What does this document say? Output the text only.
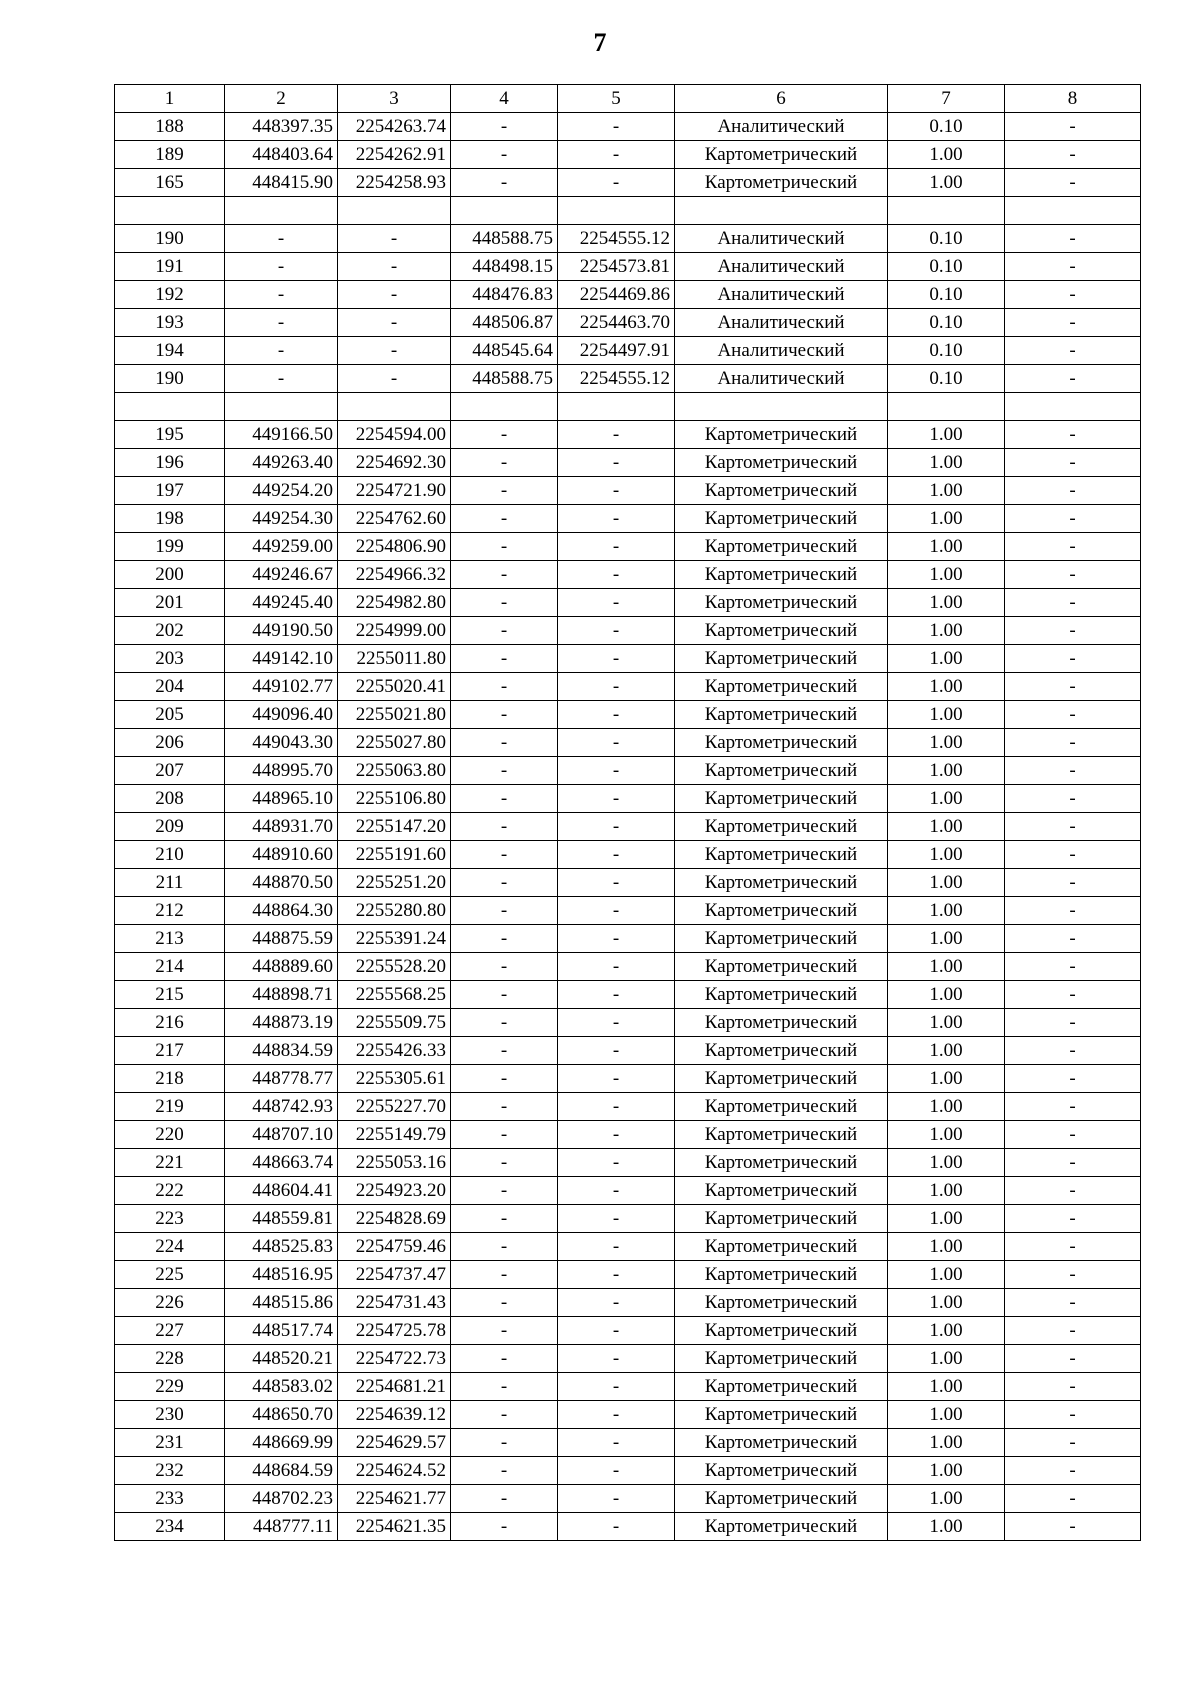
7
1	2	3	4	5	6	7	8
188	448397.35	2254263.74	-	-	Аналитический	0.10	-
189	448403.64	2254262.91	-	-	Картометрический	1.00	-
165	448415.90	2254258.93	-	-	Картометрический	1.00	-

190	-	-	448588.75	2254555.12	Аналитический	0.10	-
191	-	-	448498.15	2254573.81	Аналитический	0.10	-
192	-	-	448476.83	2254469.86	Аналитический	0.10	-
193	-	-	448506.87	2254463.70	Аналитический	0.10	-
194	-	-	448545.64	2254497.91	Аналитический	0.10	-
190	-	-	448588.75	2254555.12	Аналитический	0.10	-

195	449166.50	2254594.00	-	-	Картометрический	1.00	-
196	449263.40	2254692.30	-	-	Картометрический	1.00	-
197	449254.20	2254721.90	-	-	Картометрический	1.00	-
198	449254.30	2254762.60	-	-	Картометрический	1.00	-
199	449259.00	2254806.90	-	-	Картометрический	1.00	-
200	449246.67	2254966.32	-	-	Картометрический	1.00	-
201	449245.40	2254982.80	-	-	Картометрический	1.00	-
202	449190.50	2254999.00	-	-	Картометрический	1.00	-
203	449142.10	2255011.80	-	-	Картометрический	1.00	-
204	449102.77	2255020.41	-	-	Картометрический	1.00	-
205	449096.40	2255021.80	-	-	Картометрический	1.00	-
206	449043.30	2255027.80	-	-	Картометрический	1.00	-
207	448995.70	2255063.80	-	-	Картометрический	1.00	-
208	448965.10	2255106.80	-	-	Картометрический	1.00	-
209	448931.70	2255147.20	-	-	Картометрический	1.00	-
210	448910.60	2255191.60	-	-	Картометрический	1.00	-
211	448870.50	2255251.20	-	-	Картометрический	1.00	-
212	448864.30	2255280.80	-	-	Картометрический	1.00	-
213	448875.59	2255391.24	-	-	Картометрический	1.00	-
214	448889.60	2255528.20	-	-	Картометрический	1.00	-
215	448898.71	2255568.25	-	-	Картометрический	1.00	-
216	448873.19	2255509.75	-	-	Картометрический	1.00	-
217	448834.59	2255426.33	-	-	Картометрический	1.00	-
218	448778.77	2255305.61	-	-	Картометрический	1.00	-
219	448742.93	2255227.70	-	-	Картометрический	1.00	-
220	448707.10	2255149.79	-	-	Картометрический	1.00	-
221	448663.74	2255053.16	-	-	Картометрический	1.00	-
222	448604.41	2254923.20	-	-	Картометрический	1.00	-
223	448559.81	2254828.69	-	-	Картометрический	1.00	-
224	448525.83	2254759.46	-	-	Картометрический	1.00	-
225	448516.95	2254737.47	-	-	Картометрический	1.00	-
226	448515.86	2254731.43	-	-	Картометрический	1.00	-
227	448517.74	2254725.78	-	-	Картометрический	1.00	-
228	448520.21	2254722.73	-	-	Картометрический	1.00	-
229	448583.02	2254681.21	-	-	Картометрический	1.00	-
230	448650.70	2254639.12	-	-	Картометрический	1.00	-
231	448669.99	2254629.57	-	-	Картометрический	1.00	-
232	448684.59	2254624.52	-	-	Картометрический	1.00	-
233	448702.23	2254621.77	-	-	Картометрический	1.00	-
234	448777.11	2254621.35	-	-	Картометрический	1.00	-
